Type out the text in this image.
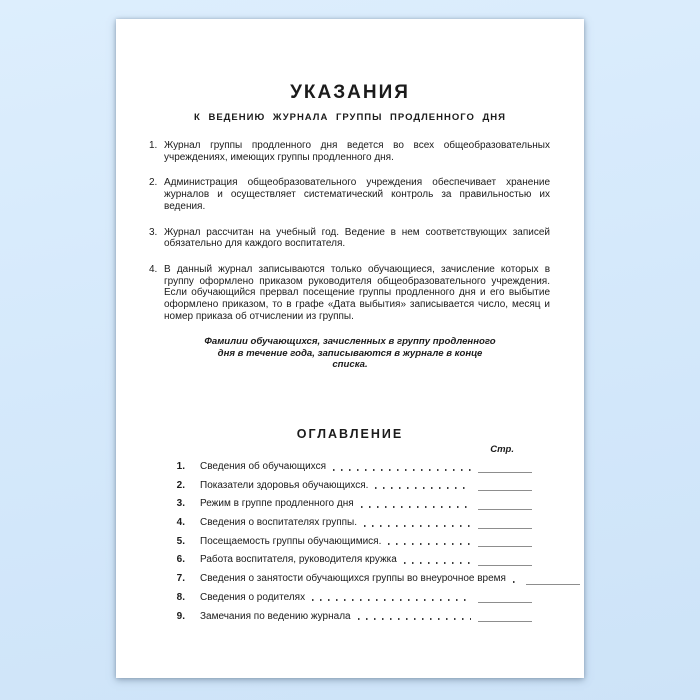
УКАЗАНИЯ
К ВЕДЕНИЮ ЖУРНАЛА ГРУППЫ ПРОДЛЕННОГО ДНЯ
1. Журнал группы продленного дня ведется во всех общеобразовательных учреждениях, имеющих группы продленного дня.
2. Администрация общеобразовательного учреждения обеспечивает хранение журналов и осуществляет систематический контроль за правильностью их ведения.
3. Журнал рассчитан на учебный год. Ведение в нем соответствующих записей обязательно для каждого воспитателя.
4. В данный журнал записываются только обучающиеся, зачисление которых в группу оформлено приказом руководителя общеобразовательного учреждения. Если обучающийся прервал посещение группы продленного дня и его выбытие оформлено приказом, то в графе «Дата выбытия» записывается число, месяц и номер приказа об отчислении из группы.

Фамилии обучающихся, зачисленных в группу продленного дня в течение года, записываются в журнале в конце списка.

ОГЛАВЛЕНИЕ
Стр.
1.	Сведения об обучающихся
2.	Показатели здоровья обучающихся.
3.	Режим в группе продленного дня
4.	Сведения о воспитателях группы.
5.	Посещаемость группы обучающимися.
6.	Работа воспитателя, руководителя кружка
7.	Сведения о занятости обучающихся группы во внеурочное время
8.	Сведения о родителях
9.	Замечания по ведению журнала
